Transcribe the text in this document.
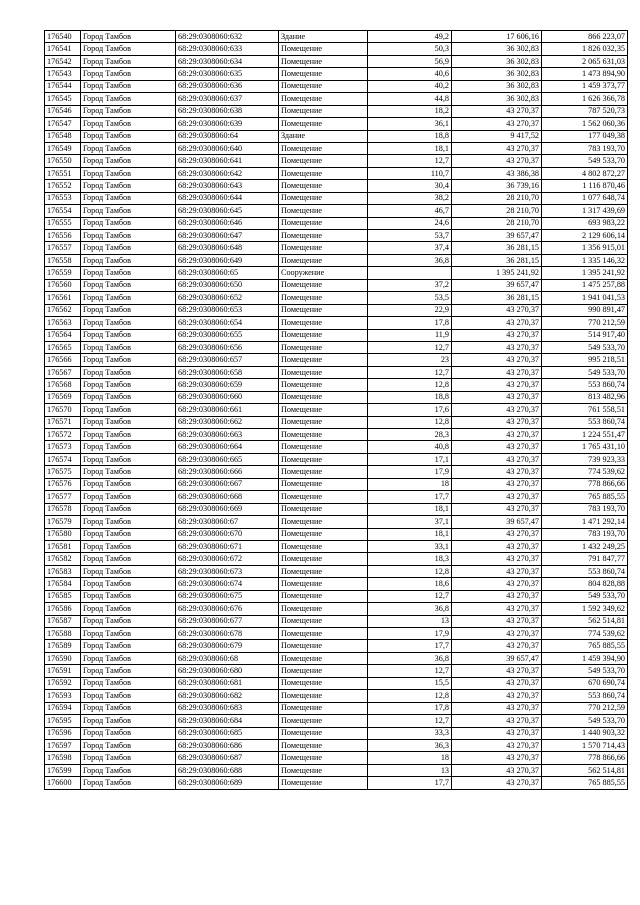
176540	Город Тамбов	68:29:0308060:632	Здание	49,2	17 606,16	866 223,07
176541	Город Тамбов	68:29:0308060:633	Помещение	50,3	36 302,83	1 826 032,35
176542	Город Тамбов	68:29:0308060:634	Помещение	56,9	36 302,83	2 065 631,03
176543	Город Тамбов	68:29:0308060:635	Помещение	40,6	36 302,83	1 473 894,90
176544	Город Тамбов	68:29:0308060:636	Помещение	40,2	36 302,83	1 459 373,77
176545	Город Тамбов	68:29:0308060:637	Помещение	44,8	36 302,83	1 626 366,78
176546	Город Тамбов	68:29:0308060:638	Помещение	18,2	43 270,37	787 520,73
176547	Город Тамбов	68:29:0308060:639	Помещение	36,1	43 270,37	1 562 060,36
176548	Город Тамбов	68:29:0308060:64	Здание	18,8	9 417,52	177 049,38
176549	Город Тамбов	68:29:0308060:640	Помещение	18,1	43 270,37	783 193,70
176550	Город Тамбов	68:29:0308060:641	Помещение	12,7	43 270,37	549 533,70
176551	Город Тамбов	68:29:0308060:642	Помещение	110,7	43 386,38	4 802 872,27
176552	Город Тамбов	68:29:0308060:643	Помещение	30,4	36 739,16	1 116 870,46
176553	Город Тамбов	68:29:0308060:644	Помещение	38,2	28 210,70	1 077 648,74
176554	Город Тамбов	68:29:0308060:645	Помещение	46,7	28 210,70	1 317 439,69
176555	Город Тамбов	68:29:0308060:646	Помещение	24,6	28 210,70	693 983,22
176556	Город Тамбов	68:29:0308060:647	Помещение	53,7	39 657,47	2 129 606,14
176557	Город Тамбов	68:29:0308060:648	Помещение	37,4	36 281,15	1 356 915,01
176558	Город Тамбов	68:29:0308060:649	Помещение	36,8	36 281,15	1 335 146,32
176559	Город Тамбов	68:29:0308060:65	Сооружение		1 395 241,92	1 395 241,92
176560	Город Тамбов	68:29:0308060:650	Помещение	37,2	39 657,47	1 475 257,88
176561	Город Тамбов	68:29:0308060:652	Помещение	53,5	36 281,15	1 941 041,53
176562	Город Тамбов	68:29:0308060:653	Помещение	22,9	43 270,37	990 891,47
176563	Город Тамбов	68:29:0308060:654	Помещение	17,8	43 270,37	770 212,59
176564	Город Тамбов	68:29:0308060:655	Помещение	11,9	43 270,37	514 917,40
176565	Город Тамбов	68:29:0308060:656	Помещение	12,7	43 270,37	549 533,70
176566	Город Тамбов	68:29:0308060:657	Помещение	23	43 270,37	995 218,51
176567	Город Тамбов	68:29:0308060:658	Помещение	12,7	43 270,37	549 533,70
176568	Город Тамбов	68:29:0308060:659	Помещение	12,8	43 270,37	553 860,74
176569	Город Тамбов	68:29:0308060:660	Помещение	18,8	43 270,37	813 482,96
176570	Город Тамбов	68:29:0308060:661	Помещение	17,6	43 270,37	761 558,51
176571	Город Тамбов	68:29:0308060:662	Помещение	12,8	43 270,37	553 860,74
176572	Город Тамбов	68:29:0308060:663	Помещение	28,3	43 270,37	1 224 551,47
176573	Город Тамбов	68:29:0308060:664	Помещение	40,8	43 270,37	1 765 431,10
176574	Город Тамбов	68:29:0308060:665	Помещение	17,1	43 270,37	739 923,33
176575	Город Тамбов	68:29:0308060:666	Помещение	17,9	43 270,37	774 539,62
176576	Город Тамбов	68:29:0308060:667	Помещение	18	43 270,37	778 866,66
176577	Город Тамбов	68:29:0308060:668	Помещение	17,7	43 270,37	765 885,55
176578	Город Тамбов	68:29:0308060:669	Помещение	18,1	43 270,37	783 193,70
176579	Город Тамбов	68:29:0308060:67	Помещение	37,1	39 657,47	1 471 292,14
176580	Город Тамбов	68:29:0308060:670	Помещение	18,1	43 270,37	783 193,70
176581	Город Тамбов	68:29:0308060:671	Помещение	33,1	43 270,37	1 432 249,25
176582	Город Тамбов	68:29:0308060:672	Помещение	18,3	43 270,37	791 847,77
176583	Город Тамбов	68:29:0308060:673	Помещение	12,8	43 270,37	553 860,74
176584	Город Тамбов	68:29:0308060:674	Помещение	18,6	43 270,37	804 828,88
176585	Город Тамбов	68:29:0308060:675	Помещение	12,7	43 270,37	549 533,70
176586	Город Тамбов	68:29:0308060:676	Помещение	36,8	43 270,37	1 592 349,62
176587	Город Тамбов	68:29:0308060:677	Помещение	13	43 270,37	562 514,81
176588	Город Тамбов	68:29:0308060:678	Помещение	17,9	43 270,37	774 539,62
176589	Город Тамбов	68:29:0308060:679	Помещение	17,7	43 270,37	765 885,55
176590	Город Тамбов	68:29:0308060:68	Помещение	36,8	39 657,47	1 459 394,90
176591	Город Тамбов	68:29:0308060:680	Помещение	12,7	43 270,37	549 533,70
176592	Город Тамбов	68:29:0308060:681	Помещение	15,5	43 270,37	670 690,74
176593	Город Тамбов	68:29:0308060:682	Помещение	12,8	43 270,37	553 860,74
176594	Город Тамбов	68:29:0308060:683	Помещение	17,8	43 270,37	770 212,59
176595	Город Тамбов	68:29:0308060:684	Помещение	12,7	43 270,37	549 533,70
176596	Город Тамбов	68:29:0308060:685	Помещение	33,3	43 270,37	1 440 903,32
176597	Город Тамбов	68:29:0308060:686	Помещение	36,3	43 270,37	1 570 714,43
176598	Город Тамбов	68:29:0308060:687	Помещение	18	43 270,37	778 866,66
176599	Город Тамбов	68:29:0308060:688	Помещение	13	43 270,37	562 514,81
176600	Город Тамбов	68:29:0308060:689	Помещение	17,7	43 270,37	765 885,55
